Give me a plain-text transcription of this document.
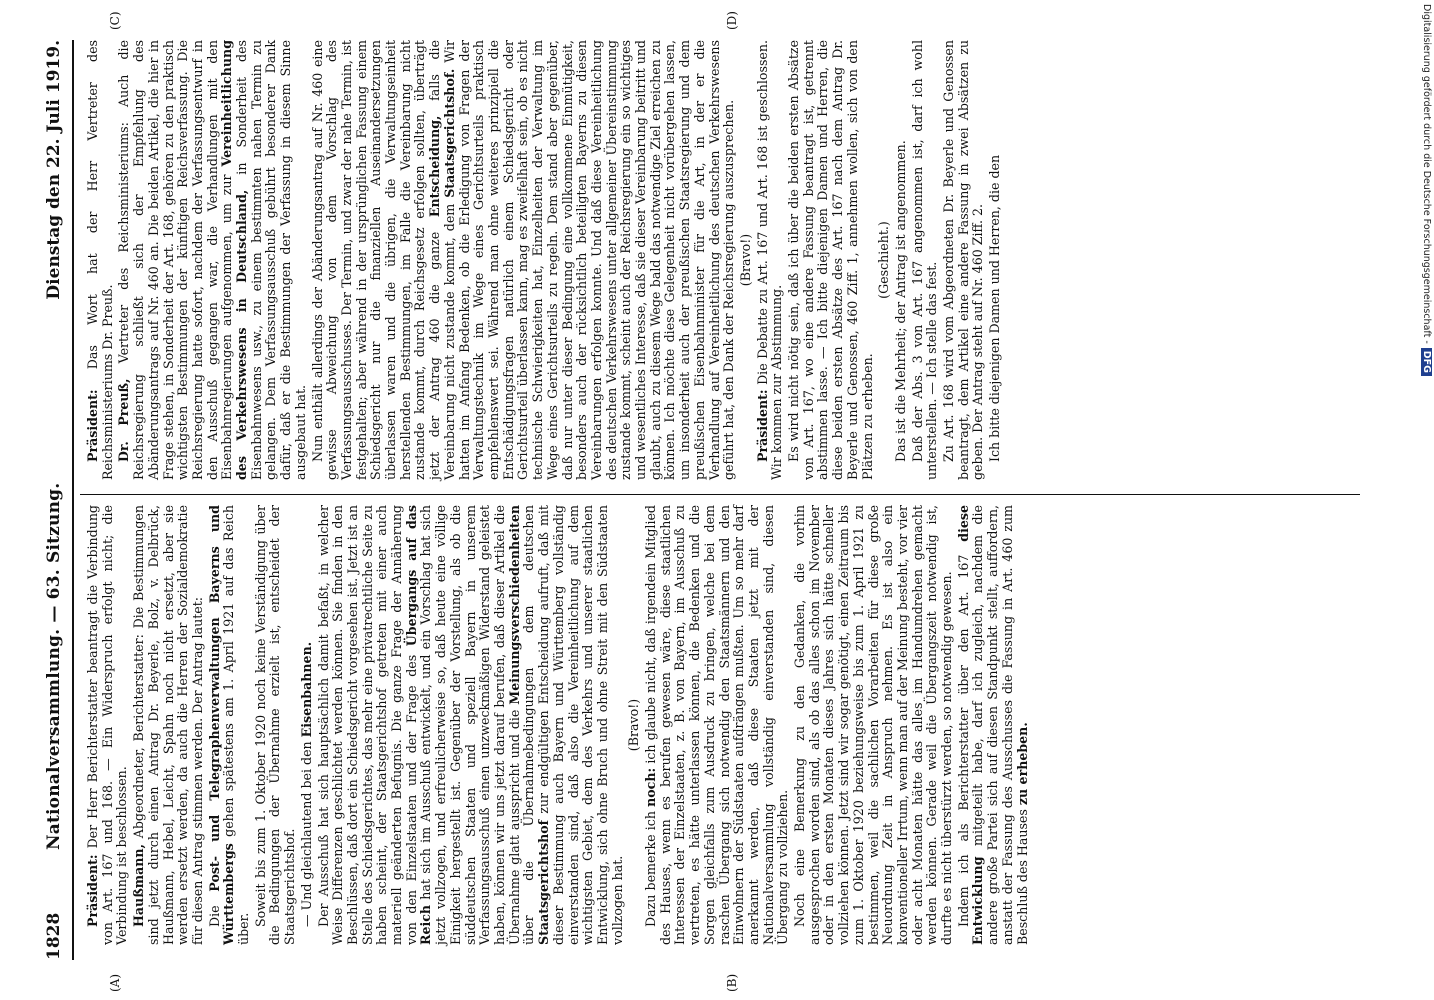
1828
Nationalversammlung. — 63. Sitzung.
Dienstag den 22. Juli 1919.
(A)	(B)
(C)	(D)

Präsident: Der Herr Berichterstatter beantragt die Verbindung von Art. 167 und 168. — Ein Widerspruch erfolgt nicht; die Verbindung ist beschlossen. Haußmann, Abgeordneter, Berichterstatter: Die Bestimmungen sind jetzt durch einen Antrag Dr. Beyerle, Bolz, v. Delbrück, Haußmann, Hebel, Leicht, Spahn noch nicht ersetzt, aber sie werden ersetzt werden, da auch die Herren der Sozialdemokratie für diesen Antrag stimmen werden. Der Antrag lautet: Die Post- und Telegraphenverwaltungen Bayerns und Württembergs gehen spätestens am 1. April 1921 auf das Reich über.

Soweit bis zum 1. Oktober 1920 noch keine Verständigung über die Bedingungen der Übernahme erzielt ist, entscheidet der Staatsgerichtshof. — Und gleichlautend bei den Eisenbahnen. Der Ausschuß hat sich hauptsächlich damit befaßt, in welcher Weise Differenzen geschlichtet werden können. Sie finden in den Beschlüssen, daß dort ein Schiedsgericht vorgesehen ist. Jetzt ist an Stelle des Schiedsgerichtes, das mehr eine privatrechtliche Seite zu haben scheint, der Staatsgerichtshof getreten mit einer auch materiell geänderten Befugnis. Die ganze Frage der Annäherung von den Einzelstaaten und der Frage des Übergangs auf das Reich hat sich im Ausschuß entwickelt, und ein Vorschlag hat sich jetzt vollzogen, und erfreulicherweise so, daß heute eine völlige Einigkeit hergestellt ist. Gegenüber der Vorstellung, als ob die süddeutschen Staaten und speziell Bayern in unserem Verfassungsausschuß einen unzweckmäßigen Widerstand geleistet haben, können wir uns jetzt darauf berufen, daß dieser Artikel die Übernahme glatt ausspricht und die Meinungsverschiedenheiten über die Übernahmebedingungen dem deutschen Staatsgerichtshof zur endgültigen Entscheidung aufruft, daß mit dieser Bestimmung auch Bayern und Württemberg vollständig einverstanden sind, daß also die Vereinheitlichung auf dem wichtigsten Gebiet, dem des Verkehrs und unserer staatlichen Entwicklung, sich ohne Bruch und ohne Streit mit den Südstaaten vollzogen hat.

(Bravo!)

Dazu bemerke ich noch: ich glaube nicht, daß irgendein Mitglied des Hauses, wenn es berufen gewesen wäre, diese staatlichen Interessen der Einzelstaaten, z. B. von Bayern, im Ausschuß zu vertreten, es hätte unterlassen können, die Bedenken und die Sorgen gleichfalls zum Ausdruck zu bringen, welche bei dem raschen Übergang sich notwendig den Staatsmännern und den Einwohnern der Südstaaten aufdrängen mußten. Um so mehr darf anerkannt werden, daß diese Staaten jetzt mit der Nationalversammlung vollständig einverstanden sind, diesen Übergang zu vollziehen. Noch eine Bemerkung zu den Gedanken, die vorhin ausgesprochen worden sind, als ob das alles schon im November oder in den ersten Monaten dieses Jahres sich hätte schneller vollziehen können. Jetzt sind wir sogar genötigt, einen Zeitraum bis zum 1. Oktober 1920 beziehungsweise bis zum 1. April 1921 zu bestimmen, weil die sachlichen Vorarbeiten für diese große Neuordnung Zeit in Anspruch nehmen. Es ist also ein konventioneller Irrtum, wenn man auf der Meinung besteht, vor vier oder acht Monaten hätte das alles im Handumdrehen gemacht werden können. Gerade weil die Übergangszeit notwendig ist, durfte es nicht überstürzt werden, so notwendig gewesen. Indem ich als Berichterstatter über den Art. 167 diese Entwicklung mitgeteilt habe, darf ich zugleich, nachdem die andere große Partei sich auf diesen Standpunkt stellt, auffordern, anstatt der Fassung des Ausschusses die Fassung in Art. 460 zum Beschluß des Hauses zu erheben.

Präsident: Das Wort hat der Herr Vertreter des Reichsministeriums Dr. Preuß. Dr. Preuß, Vertreter des Reichsministeriums: Auch die Reichsregierung schließt sich der Empfehlung des Abänderungsantrags auf Nr. 460 an. Die beiden Artikel, die hier in Frage stehen, in Sonderheit der Art. 168, gehören zu den praktisch wichtigsten Bestimmungen der künftigen Reichsverfassung. Die Reichsregierung hatte sofort, nachdem der Verfassungsentwurf in den Ausschuß gegangen war, die Verhandlungen mit den Eisenbahnregierungen aufgenommen, um zur Vereinheitlichung des Verkehrswesens in Deutschland, in Sonderheit des Eisenbahnwesens usw., zu einem bestimmten nahen Termin zu gelangen. Dem Verfassungsausschuß gebührt besonderer Dank dafür, daß er die Bestimmungen der Verfassung in diesem Sinne ausgebaut hat. Nun enthält allerdings der Abänderungsantrag auf Nr. 460 eine gewisse Abweichung von dem Vorschlag des Verfassungsausschusses. Der Termin, und zwar der nahe Termin, ist festgehalten; aber während in der ursprünglichen Fassung einem Schiedsgericht nur die finanziellen Auseinandersetzungen überlassen waren und die übrigen, die Verwaltungseinheit herstellenden Bestimmungen, im Falle die Vereinbarung nicht zustande kommt, durch Reichsgesetz erfolgen sollten, überträgt jetzt der Antrag 460 die ganze Entscheidung, falls die Vereinbarung nicht zustande kommt, dem Staatsgerichtshof. Wir hatten im Anfang Bedenken, ob die Erledigung von Fragen der Verwaltungstechnik im Wege eines Gerichtsurteils praktisch empfehlenswert sei. Während man ohne weiteres prinzipiell die Entschädigungsfragen natürlich einem Schiedsgericht oder Gerichtsurteil überlassen kann, mag es zweifelhaft sein, ob es nicht technische Schwierigkeiten hat, Einzelheiten der Verwaltung im Wege eines Gerichtsurteils zu regeln. Dem stand aber gegenüber, daß nur unter dieser Bedingung eine vollkommene Einmütigkeit, besonders auch der rücksichtlich beteiligten Bayerns zu diesen Vereinbarungen erfolgen konnte. Und daß diese Vereinheitlichung des deutschen Verkehrswesens unter allgemeiner Übereinstimmung zustande kommt, scheint auch der Reichsregierung ein so wichtiges und wesentliches Interesse, daß sie dieser Vereinbarung beitritt und glaubt, auch zu diesem Wege bald das notwendige Ziel erreichen zu können. Ich möchte diese Gelegenheit nicht vorübergehen lassen, um insonderheit auch der preußischen Staatsregierung und dem preußischen Eisenbahnminister für die Art, in der er die Verhandlung auf Vereinheitlichung des deutschen Verkehrswesens geführt hat, den Dank der Reichsregierung auszusprechen. (Bravo!)

Präsident: Die Debatte zu Art. 167 und Art. 168 ist geschlossen. Wir kommen zur Abstimmung. Es wird nicht nötig sein, daß ich über die beiden ersten Absätze von Art. 167, wo eine andere Fassung beantragt ist, getrennt abstimmen lasse. — Ich bitte diejenigen Damen und Herren, die diese beiden ersten Absätze des Art. 167 nach dem Antrag Dr. Beyerle und Genossen, 460 Ziff. 1, annehmen wollen, sich von den Plätzen zu erheben.

(Geschieht.) Das ist die Mehrheit; der Antrag ist angenommen. Daß der Abs. 3 von Art. 167 angenommen ist, darf ich wohl unterstellen. — Ich stelle das fest. Zu Art. 168 wird vom Abgeordneten Dr. Beyerle und Genossen beantragt, dem Artikel eine andere Fassung in zwei Absätzen zu geben. Der Antrag steht auf Nr. 460 Ziff. 2. Ich bitte diejenigen Damen und Herren, die den	Digitalisierung gefördert durch die Deutsche Forschungsgemeinschaft -DFG
